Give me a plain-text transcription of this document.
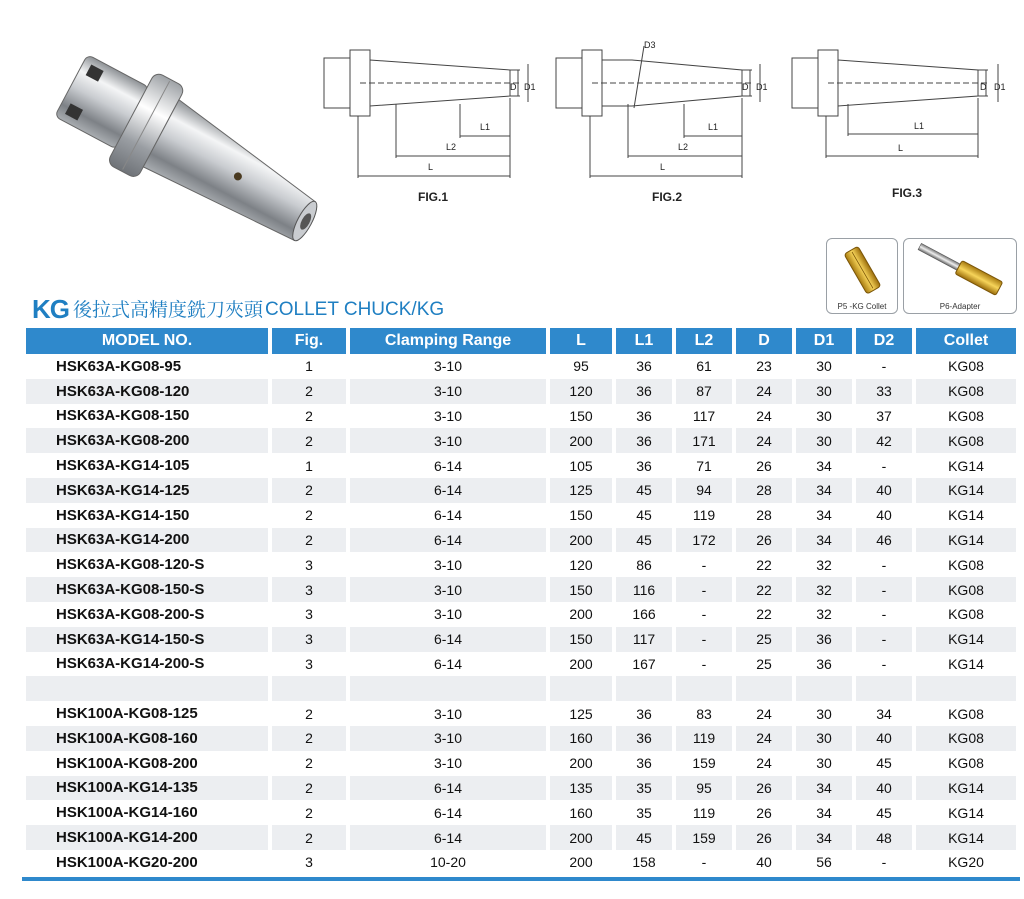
FIG.1
D D1
L1
L2
L
FIG.2
D3
D D1
L1
L2
L
FIG.3
D D1
L1
L
P5 -KG Collet	P6-Adapter
KG 後拉式高精度銑刀夾頭 COLLET CHUCK/KG
MODEL NO.	Fig.	Clamping Range	L	L1	L2	D	D1	D2	Collet
HSK63A-KG08-95	1	3-10	95	36	61	23	30	-	KG08
HSK63A-KG08-120	2	3-10	120	36	87	24	30	33	KG08
HSK63A-KG08-150	2	3-10	150	36	117	24	30	37	KG08
HSK63A-KG08-200	2	3-10	200	36	171	24	30	42	KG08
HSK63A-KG14-105	1	6-14	105	36	71	26	34	-	KG14
HSK63A-KG14-125	2	6-14	125	45	94	28	34	40	KG14
HSK63A-KG14-150	2	6-14	150	45	119	28	34	40	KG14
HSK63A-KG14-200	2	6-14	200	45	172	26	34	46	KG14
HSK63A-KG08-120-S	3	3-10	120	86	-	22	32	-	KG08
HSK63A-KG08-150-S	3	3-10	150	116	-	22	32	-	KG08
HSK63A-KG08-200-S	3	3-10	200	166	-	22	32	-	KG08
HSK63A-KG14-150-S	3	6-14	150	117	-	25	36	-	KG14
HSK63A-KG14-200-S	3	6-14	200	167	-	25	36	-	KG14

HSK100A-KG08-125	2	3-10	125	36	83	24	30	34	KG08
HSK100A-KG08-160	2	3-10	160	36	119	24	30	40	KG08
HSK100A-KG08-200	2	3-10	200	36	159	24	30	45	KG08
HSK100A-KG14-135	2	6-14	135	35	95	26	34	40	KG14
HSK100A-KG14-160	2	6-14	160	35	119	26	34	45	KG14
HSK100A-KG14-200	2	6-14	200	45	159	26	34	48	KG14
HSK100A-KG20-200	3	10-20	200	158	-	40	56	-	KG20
